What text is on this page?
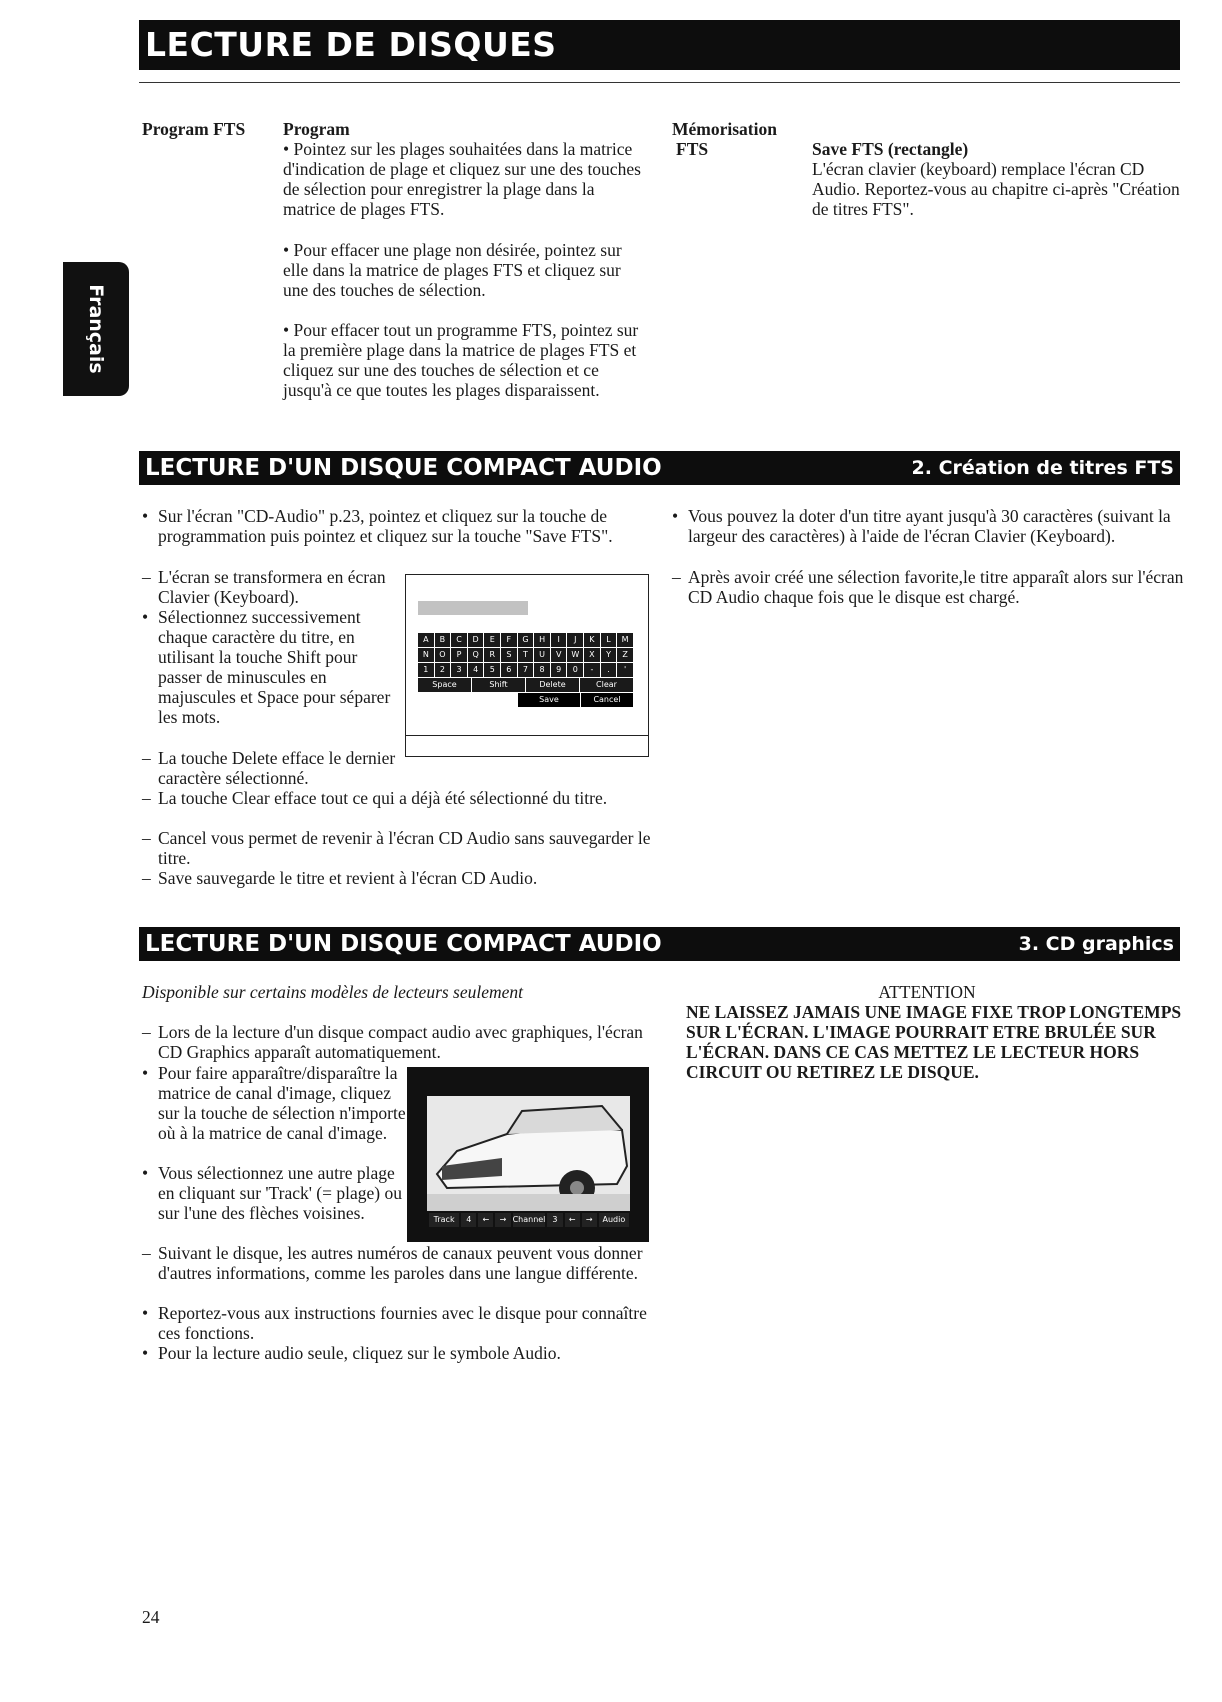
LECTURE DE DISQUES
Français
Program FTS Program
• Pointez sur les plages souhaitées dans la matrice d'indication de plage et cliquez sur une des touches de sélection pour enregistrer la plage dans la matrice de plages FTS.
• Pour effacer une plage non désirée, pointez sur elle dans la matrice de plages FTS et cliquez sur une des touches de sélection.
• Pour effacer tout un programme FTS, pointez sur la première plage dans la matrice de plages FTS et cliquez sur une des touches de sélection et ce jusqu'à ce que toutes les plages disparaissent.
Mémorisation
FTS	Save FTS (rectangle)
L'écran clavier (keyboard) remplace l'écran CD Audio. Reportez-vous au chapitre ci-après "Création de titres FTS".
LECTURE D'UN DISQUE COMPACT AUDIO	2. Création de titres FTS
• Sur l'écran "CD-Audio" p.23, pointez et cliquez sur la touche de programmation puis pointez et cliquez sur la touche "Save FTS".
– L'écran se transformera en écran Clavier (Keyboard).
• Sélectionnez successivement chaque caractère du titre, en utilisant la touche Shift pour passer de minuscules en majuscules et Space pour séparer les mots.
– La touche Delete efface le dernier caractère sélectionné.
– La touche Clear efface tout ce qui a déjà été sélectionné du titre.
– Cancel vous permet de revenir à l'écran CD Audio sans sauvegarder le titre.
– Save sauvegarde le titre et revient à l'écran CD Audio.
A	B	C	D	E	F	G	H	I	J	K	L	M
N	O	P	Q	R	S	T	U	V	W	X	Y	Z
1	2	3	4	5	6	7	8	9	0	-	.	'
Space	Shift	Delete	Clear
Save	Cancel
• Vous pouvez la doter d'un titre ayant jusqu'à 30 caractères (suivant la largeur des caractères) à l'aide de l'écran Clavier (Keyboard).
– Après avoir créé une sélection favorite,le titre apparaît alors sur l'écran CD Audio chaque fois que le disque est chargé.
LECTURE D'UN DISQUE COMPACT AUDIO	3. CD graphics
Disponible sur certains modèles de lecteurs seulement
– Lors de la lecture d'un disque compact audio avec graphiques, l'écran CD Graphics apparaît automatiquement.
• Pour faire apparaître/disparaître la matrice de canal d'image, cliquez sur la touche de sélection n'importe où à la matrice de canal d'image.
• Vous sélectionnez une autre plage en cliquant sur 'Track' (= plage) ou sur l'une des flèches voisines.
– Suivant le disque, les autres numéros de canaux peuvent vous donner d'autres informations, comme les paroles dans une langue différente.
• Reportez-vous aux instructions fournies avec le disque pour connaître ces fonctions.
• Pour la lecture audio seule, cliquez sur le symbole Audio.
Track	4	←	→ Channel 3	←	→	Audio
ATTENTION
NE LAISSEZ JAMAIS UNE IMAGE FIXE TROP LONGTEMPS SUR L'ÉCRAN. L'IMAGE POURRAIT ETRE BRULÉE SUR L'ÉCRAN. DANS CE CAS METTEZ LE LECTEUR HORS CIRCUIT OU RETIREZ LE DISQUE.
24
